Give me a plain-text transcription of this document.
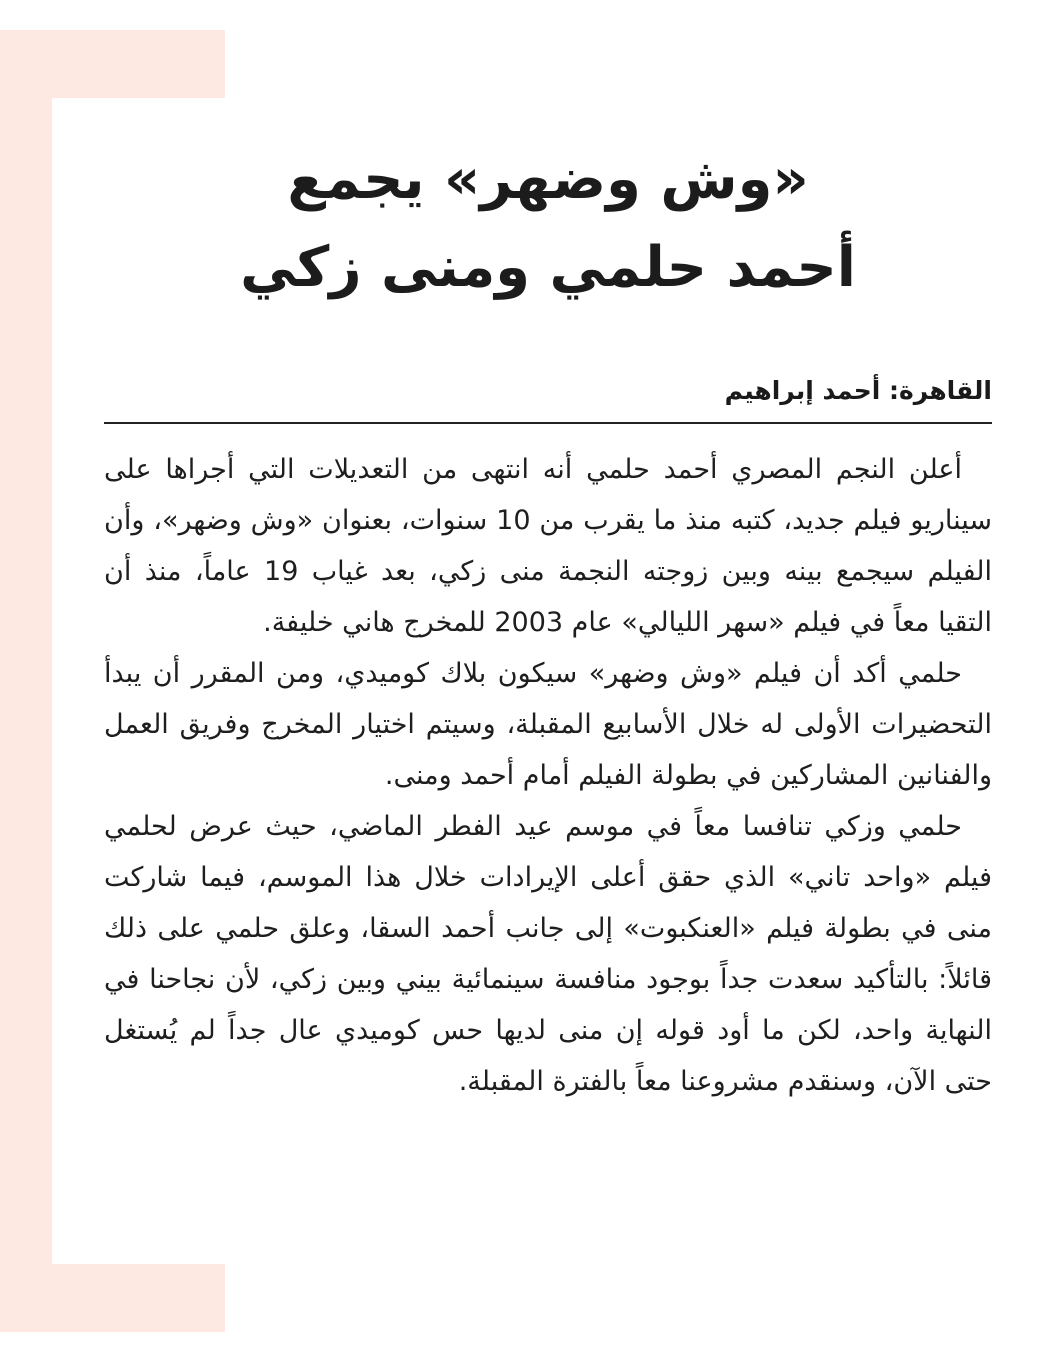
«وش وضهر» يجمع
أحمد حلمي ومنى زكي
القاهرة: أحمد إبراهيم

أعلن النجم المصري أحمد حلمي أنه انتهى من التعديلات التي أجراها على سيناريو فيلم جديد، كتبه منذ ما يقرب من 10 سنوات، بعنوان «وش وضهر»، وأن الفيلم سيجمع بينه وبين زوجته النجمة منى زكي، بعد غياب 19 عاماً، منذ أن التقيا معاً في فيلم «سهر الليالي» عام 2003 للمخرج هاني خليفة.

حلمي أكد أن فيلم «وش وضهر» سيكون بلاك كوميدي، ومن المقرر أن يبدأ التحضيرات الأولى له خلال الأسابيع المقبلة، وسيتم اختيار المخرج وفريق العمل والفنانين المشاركين في بطولة الفيلم أمام أحمد ومنى.

حلمي وزكي تنافسا معاً في موسم عيد الفطر الماضي، حيث عرض لحلمي فيلم «واحد تاني» الذي حقق أعلى الإيرادات خلال هذا الموسم، فيما شاركت منى في بطولة فيلم «العنكبوت» إلى جانب أحمد السقا، وعلق حلمي على ذلك قائلاً: بالتأكيد سعدت جداً بوجود منافسة سينمائية بيني وبين زكي، لأن نجاحنا في النهاية واحد، لكن ما أود قوله إن منى لديها حس كوميدي عال جداً لم يُستغل حتى الآن، وسنقدم مشروعنا معاً بالفترة المقبلة.
